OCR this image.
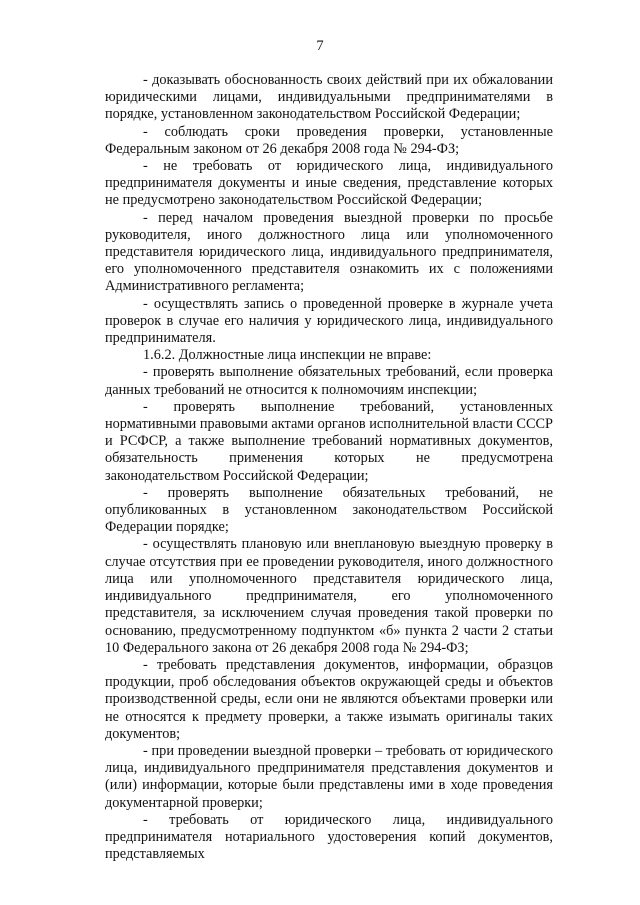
7

- доказывать обоснованность своих действий при их обжаловании юридическими лицами, индивидуальными предпринимателями в порядке, установленном законодательством Российской Федерации;

- соблюдать сроки проведения проверки, установленные Федеральным законом от 26 декабря 2008 года № 294-ФЗ;

- не требовать от юридического лица, индивидуального предпринимателя документы и иные сведения, представление которых не предусмотрено законодательством Российской Федерации;

- перед началом проведения выездной проверки по просьбе руководителя, иного должностного лица или уполномоченного представителя юридического лица, индивидуального предпринимателя, его уполномоченного представителя ознакомить их с положениями Административного регламента;

- осуществлять запись о проведенной проверке в журнале учета проверок в случае его наличия у юридического лица, индивидуального предпринимателя.

1.6.2. Должностные лица инспекции не вправе:

- проверять выполнение обязательных требований, если проверка данных требований не относится к полномочиям инспекции;

- проверять выполнение требований, установленных нормативными правовыми актами органов исполнительной власти СССР и РСФСР, а также выполнение требований нормативных документов, обязательность применения которых не предусмотрена законодательством Российской Федерации;

- проверять выполнение обязательных требований, не опубликованных в установленном законодательством Российской Федерации порядке;

- осуществлять плановую или внеплановую выездную проверку в случае отсутствия при ее проведении руководителя, иного должностного лица или уполномоченного представителя юридического лица, индивидуального предпринимателя, его уполномоченного представителя, за исключением случая проведения такой проверки по основанию, предусмотренному подпунктом «б» пункта 2 части 2 статьи 10 Федерального закона от 26 декабря 2008 года № 294-ФЗ;

- требовать представления документов, информации, образцов продукции, проб обследования объектов окружающей среды и объектов производственной среды, если они не являются объектами проверки или не относятся к предмету проверки, а также изымать оригиналы таких документов;

- при проведении выездной проверки – требовать от юридического лица, индивидуального предпринимателя представления документов и (или) информации, которые были представлены ими в ходе проведения документарной проверки;

- требовать от юридического лица, индивидуального предпринимателя нотариального удостоверения копий документов, представляемых
